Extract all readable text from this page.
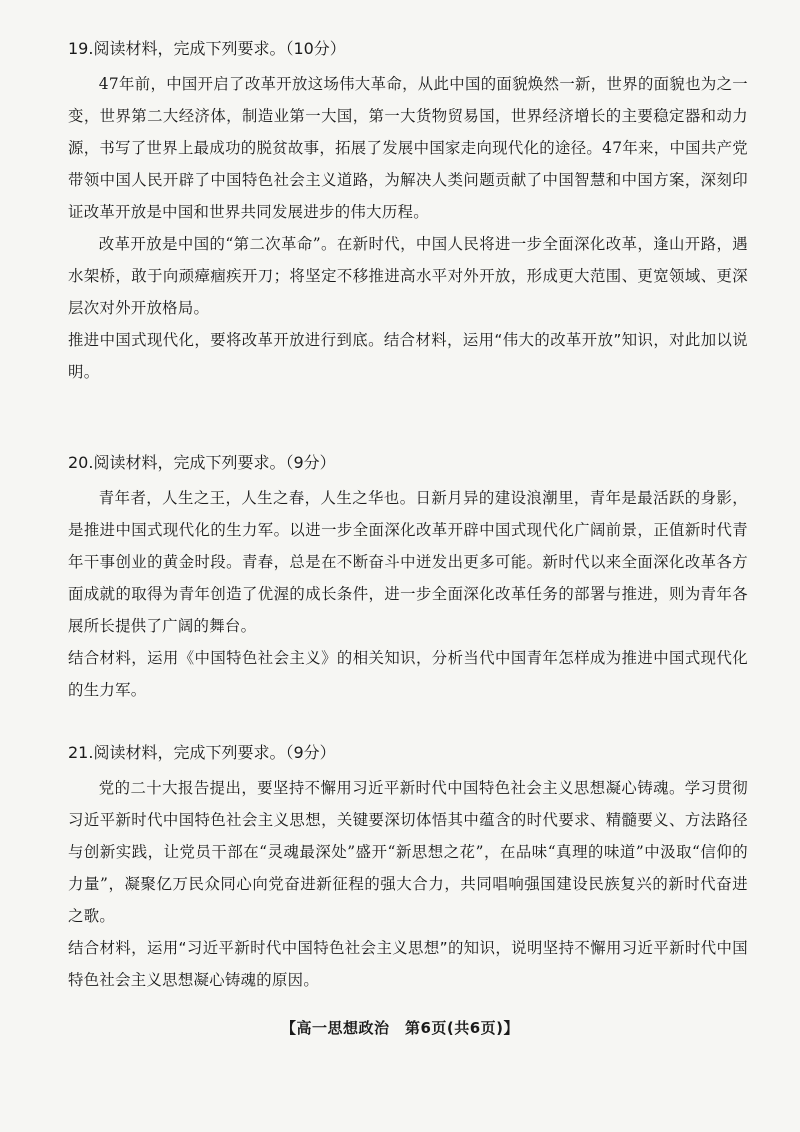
19.阅读材料，完成下列要求。（10分）

47年前，中国开启了改革开放这场伟大革命，从此中国的面貌焕然一新，世界的面貌也为之一变，世界第二大经济体，制造业第一大国，第一大货物贸易国，世界经济增长的主要稳定器和动力源，书写了世界上最成功的脱贫故事，拓展了发展中国家走向现代化的途径。47年来，中国共产党带领中国人民开辟了中国特色社会主义道路，为解决人类问题贡献了中国智慧和中国方案，深刻印证改革开放是中国和世界共同发展进步的伟大历程。

改革开放是中国的“第二次革命”。在新时代，中国人民将进一步全面深化改革，逢山开路，遇水架桥，敢于向顽瘴痼疾开刀；将坚定不移推进高水平对外开放，形成更大范围、更宽领域、更深层次对外开放格局。

推进中国式现代化，要将改革开放进行到底。结合材料，运用“伟大的改革开放”知识，对此加以说明。

20.阅读材料，完成下列要求。（9分）

青年者，人生之王，人生之春，人生之华也。日新月异的建设浪潮里，青年是最活跃的身影，是推进中国式现代化的生力军。以进一步全面深化改革开辟中国式现代化广阔前景，正值新时代青年干事创业的黄金时段。青春，总是在不断奋斗中迸发出更多可能。新时代以来全面深化改革各方面成就的取得为青年创造了优渥的成长条件，进一步全面深化改革任务的部署与推进，则为青年各展所长提供了广阔的舞台。

结合材料，运用《中国特色社会主义》的相关知识，分析当代中国青年怎样成为推进中国式现代化的生力军。

21.阅读材料，完成下列要求。（9分）

党的二十大报告提出，要坚持不懈用习近平新时代中国特色社会主义思想凝心铸魂。学习贯彻习近平新时代中国特色社会主义思想，关键要深切体悟其中蕴含的时代要求、精髓要义、方法路径与创新实践，让党员干部在“灵魂最深处”盛开“新思想之花”，在品味“真理的味道”中汲取“信仰的力量”，凝聚亿万民众同心向党奋进新征程的强大合力，共同唱响强国建设民族复兴的新时代奋进之歌。

结合材料，运用“习近平新时代中国特色社会主义思想”的知识，说明坚持不懈用习近平新时代中国特色社会主义思想凝心铸魂的原因。

【高一思想政治　第6页(共6页)】
